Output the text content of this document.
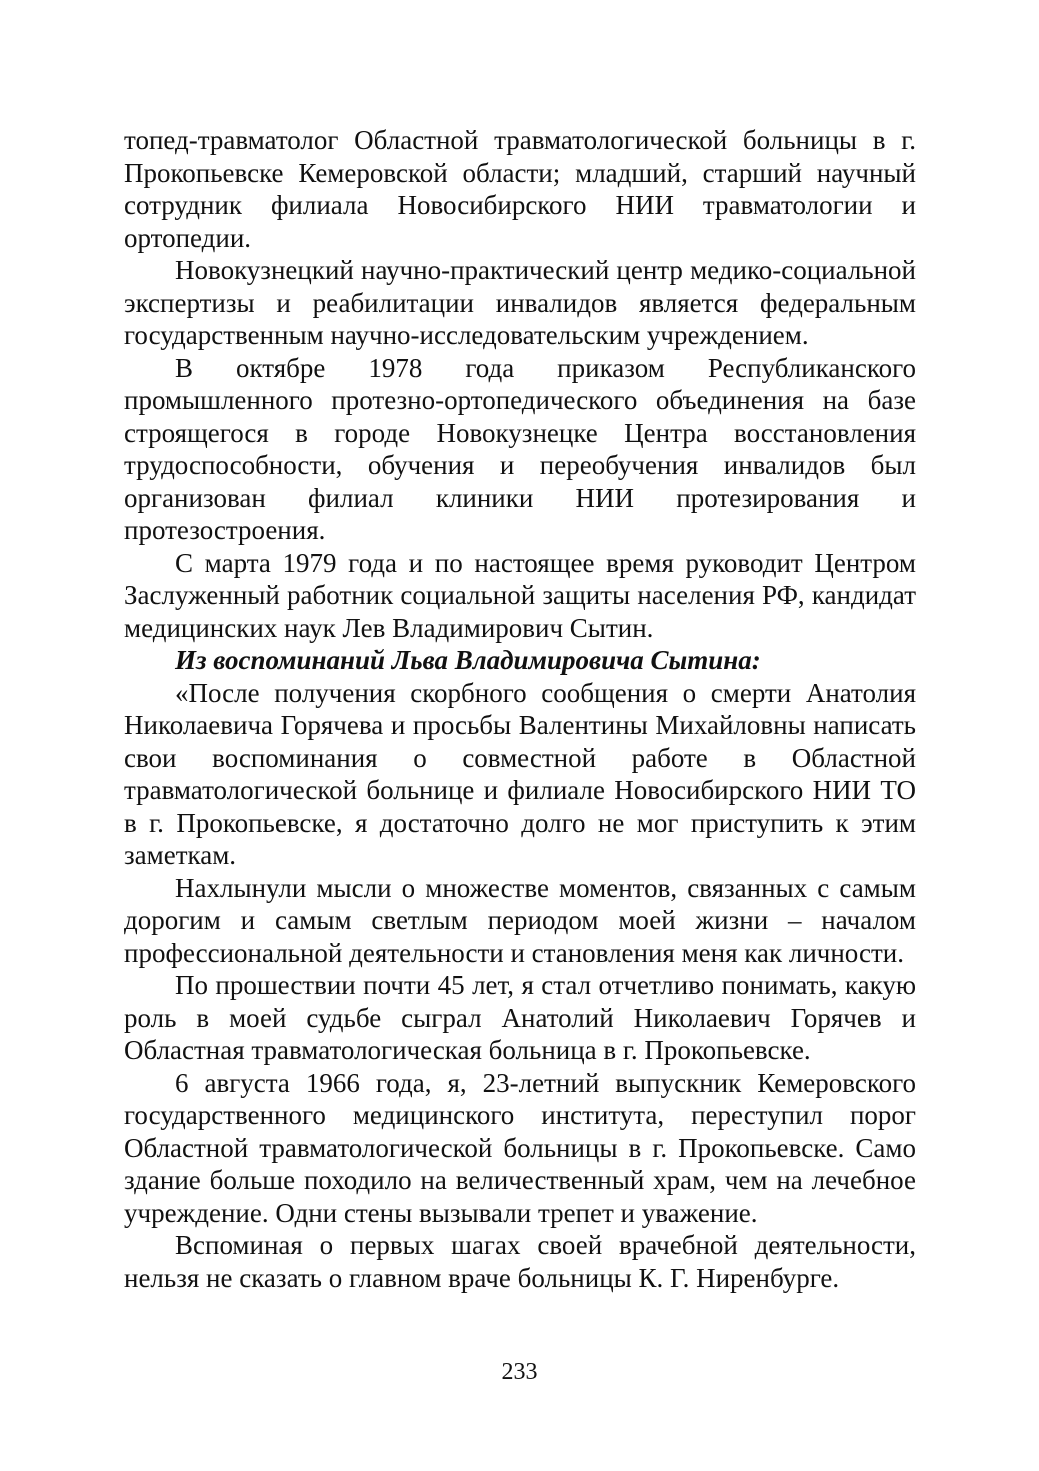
топед-травматолог Областной травматологической больницы в г. Прокопьевске Кемеровской области; младший, старший научный сотрудник филиала Новосибирского НИИ травматологии и ортопедии.

Новокузнецкий научно-практический центр медико-социальной экспертизы и реабилитации инвалидов является федеральным государственным научно-исследовательским учреждением.

В октябре 1978 года приказом Республиканского промышленного протезно-ортопедического объединения на базе строящегося в городе Новокузнецке Центра восстановления трудоспособности, обучения и переобучения инвалидов был организован филиал клиники НИИ протезирования и протезостроения.

С марта 1979 года и по настоящее время руководит Центром Заслуженный работник социальной защиты населения РФ, кандидат медицинских наук Лев Владимирович Сытин.

Из воспоминаний Льва Владимировича Сытина:

«После получения скорбного сообщения о смерти Анатолия Николаевича Горячева и просьбы Валентины Михайловны написать свои воспоминания о совместной работе в Областной травматологической больнице и филиале Новосибирского НИИ ТО в г. Прокопьевске, я достаточно долго не мог приступить к этим заметкам.

Нахлынули мысли о множестве моментов, связанных с самым дорогим и самым светлым периодом моей жизни – началом профессиональной деятельности и становления меня как личности.

По прошествии почти 45 лет, я стал отчетливо понимать, какую роль в моей судьбе сыграл Анатолий Николаевич Горячев и Областная травматологическая больница в г. Прокопьевске.

6 августа 1966 года, я, 23-летний выпускник Кемеровского государственного медицинского института, переступил порог Областной травматологической больницы в г. Прокопьевске. Само здание больше походило на величественный храм, чем на лечебное учреждение. Одни стены вызывали трепет и уважение.

Вспоминая о первых шагах своей врачебной деятельности, нельзя не сказать о главном враче больницы К. Г. Ниренбурге.

233
